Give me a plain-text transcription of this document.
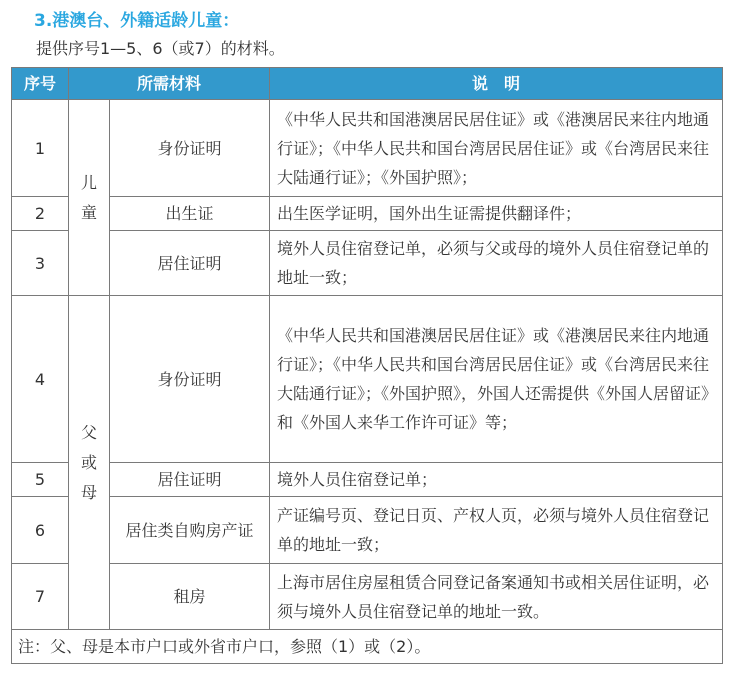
3.港澳台、外籍适龄儿童：
提供序号1—5、6（或7）的材料。
序号	所需材料		说　明
1	儿童	身份证明	《中华人民共和国港澳居民居住证》或《港澳居民来往内地通行证》；《中华人民共和国台湾居民居住证》或《台湾居民来往大陆通行证》；《外国护照》；
2		出生证	出生医学证明，国外出生证需提供翻译件；
3		居住证明	境外人员住宿登记单，必须与父或母的境外人员住宿登记单的地址一致；
4	父或母	身份证明	《中华人民共和国港澳居民居住证》或《港澳居民来往内地通行证》；《中华人民共和国台湾居民居住证》或《台湾居民来往大陆通行证》；《外国护照》，外国人还需提供《外国人居留证》和《外国人来华工作许可证》等；
5		居住证明	境外人员住宿登记单；
6		居住类自购房产证	产证编号页、登记日页、产权人页，必须与境外人员住宿登记单的地址一致；
7		租房	上海市居住房屋租赁合同登记备案通知书或相关居住证明，必须与境外人员住宿登记单的地址一致。
注：父、母是本市户口或外省市户口，参照（1）或（2）。			
